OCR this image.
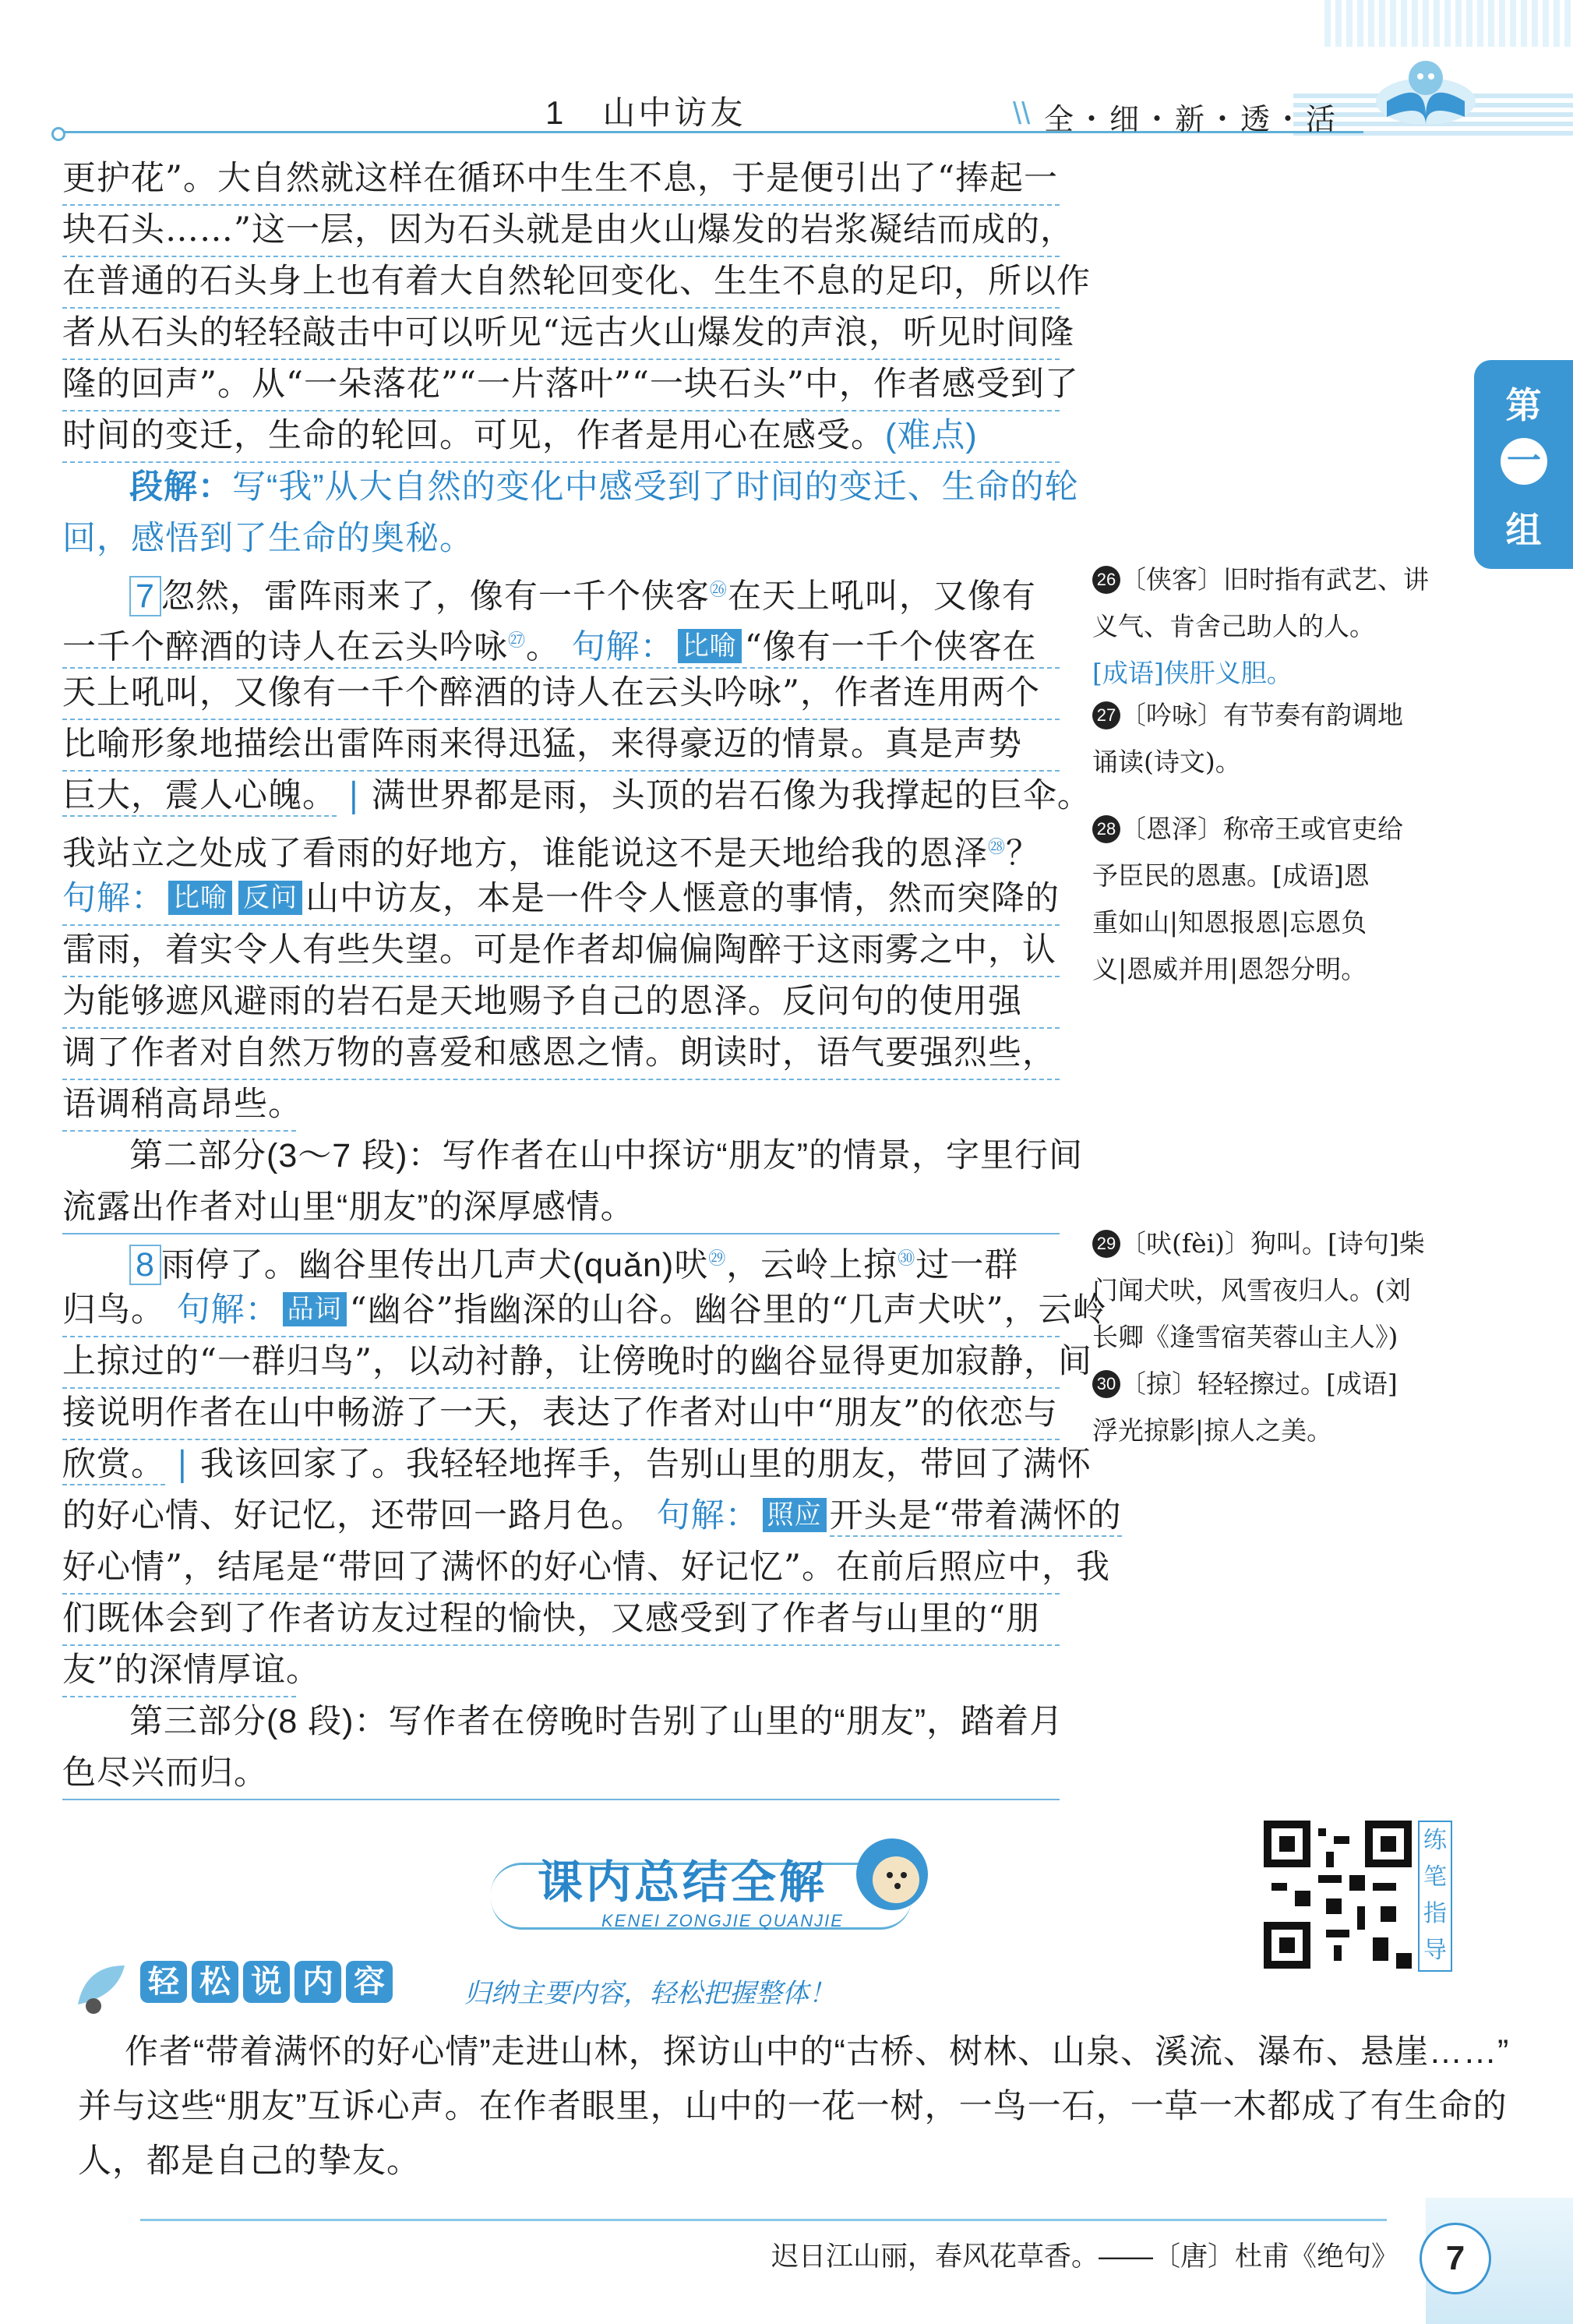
1　山中访友	\\ 全・细・新・透・活
第
一
组
更护花”。大自然就这样在循环中生生不息，于是便引出了“捧起一
块石头……”这一层，因为石头就是由火山爆发的岩浆凝结而成的，
在普通的石头身上也有着大自然轮回变化、生生不息的足印，所以作
者从石头的轻轻敲击中可以听见“远古火山爆发的声浪，听见时间隆
隆的回声”。从“一朵落花”“一片落叶”“一块石头”中，作者感受到了
时间的变迁，生命的轮回。可见，作者是用心在感受。(难点)
段解：写“我”从大自然的变化中感受到了时间的变迁、生命的轮
回，感悟到了生命的奥秘。
7 忽然，雷阵雨来了，像有一千个侠客$^㉖$在天上吼叫，又像有
一千个醉酒的诗人在云头吟咏$^㉗$。 句解： 比喻 “像有一千个侠客在
天上吼叫，又像有一千个醉酒的诗人在云头吟咏”，作者连用两个
比喻形象地描绘出雷阵雨来得迅猛，来得豪迈的情景。真是声势
巨大，震人心魄。 | 满世界都是雨，头顶的岩石像为我撑起的巨伞。
我站立之处成了看雨的好地方，谁能说这不是天地给我的恩泽$^㉘$？
句解： 比喻 反问 山中访友，本是一件令人惬意的事情，然而突降的
雷雨，着实令人有些失望。可是作者却偏偏陶醉于这雨雾之中，认
为能够遮风避雨的岩石是天地赐予自己的恩泽。反问句的使用强
调了作者对自然万物的喜爱和感恩之情。朗读时，语气要强烈些，
语调稍高昂些。
第二部分(3～7 段)：写作者在山中探访“朋友”的情景，字里行间
流露出作者对山里“朋友”的深厚感情。
8 雨停了。幽谷里传出几声犬(quǎn)吠$^㉙$，云岭上掠$^㉚$过一群
归鸟。 句解： 品词 “幽谷”指幽深的山谷。幽谷里的“几声犬吠”，云岭
上掠过的“一群归鸟”，以动衬静，让傍晚时的幽谷显得更加寂静，间
接说明作者在山中畅游了一天，表达了作者对山中“朋友”的依恋与
欣赏。 | 我该回家了。我轻轻地挥手，告别山里的朋友，带回了满怀
的好心情、好记忆，还带回一路月色。 句解： 照应 开头是“带着满怀的
好心情”，结尾是“带回了满怀的好心情、好记忆”。在前后照应中，我
们既体会到了作者访友过程的愉快，又感受到了作者与山里的“朋
友”的深情厚谊。
第三部分(8 段)：写作者在傍晚时告别了山里的“朋友”，踏着月
色尽兴而归。
26 〔侠客〕旧时指有武艺、讲
义气、肯舍己助人的人。
[成语]侠肝义胆。
27 〔吟咏〕有节奏有韵调地
诵读(诗文)。
28 〔恩泽〕称帝王或官吏给
予臣民的恩惠。[成语]恩
重如山|知恩报恩|忘恩负
义|恩威并用|恩怨分明。
29 〔吠(fèi)〕狗叫。[诗句]柴
门闻犬吠，风雪夜归人。(刘
长卿《逢雪宿芙蓉山主人》)
30 〔掠〕轻轻擦过。[成语]
浮光掠影|掠人之美。
课内总结全解
KENEI ZONGJIE QUANJIE
练
笔
指
导
轻 松 说 内 容	归纳主要内容，轻松把握整体！
作者“带着满怀的好心情”走进山林，探访山中的“古桥、树林、山泉、溪流、瀑布、悬崖……”
并与这些“朋友”互诉心声。在作者眼里，山中的一花一树，一鸟一石，一草一木都成了有生命的
人，都是自己的挚友。
迟日江山丽，春风花草香。——〔唐〕杜甫《绝句》	7
